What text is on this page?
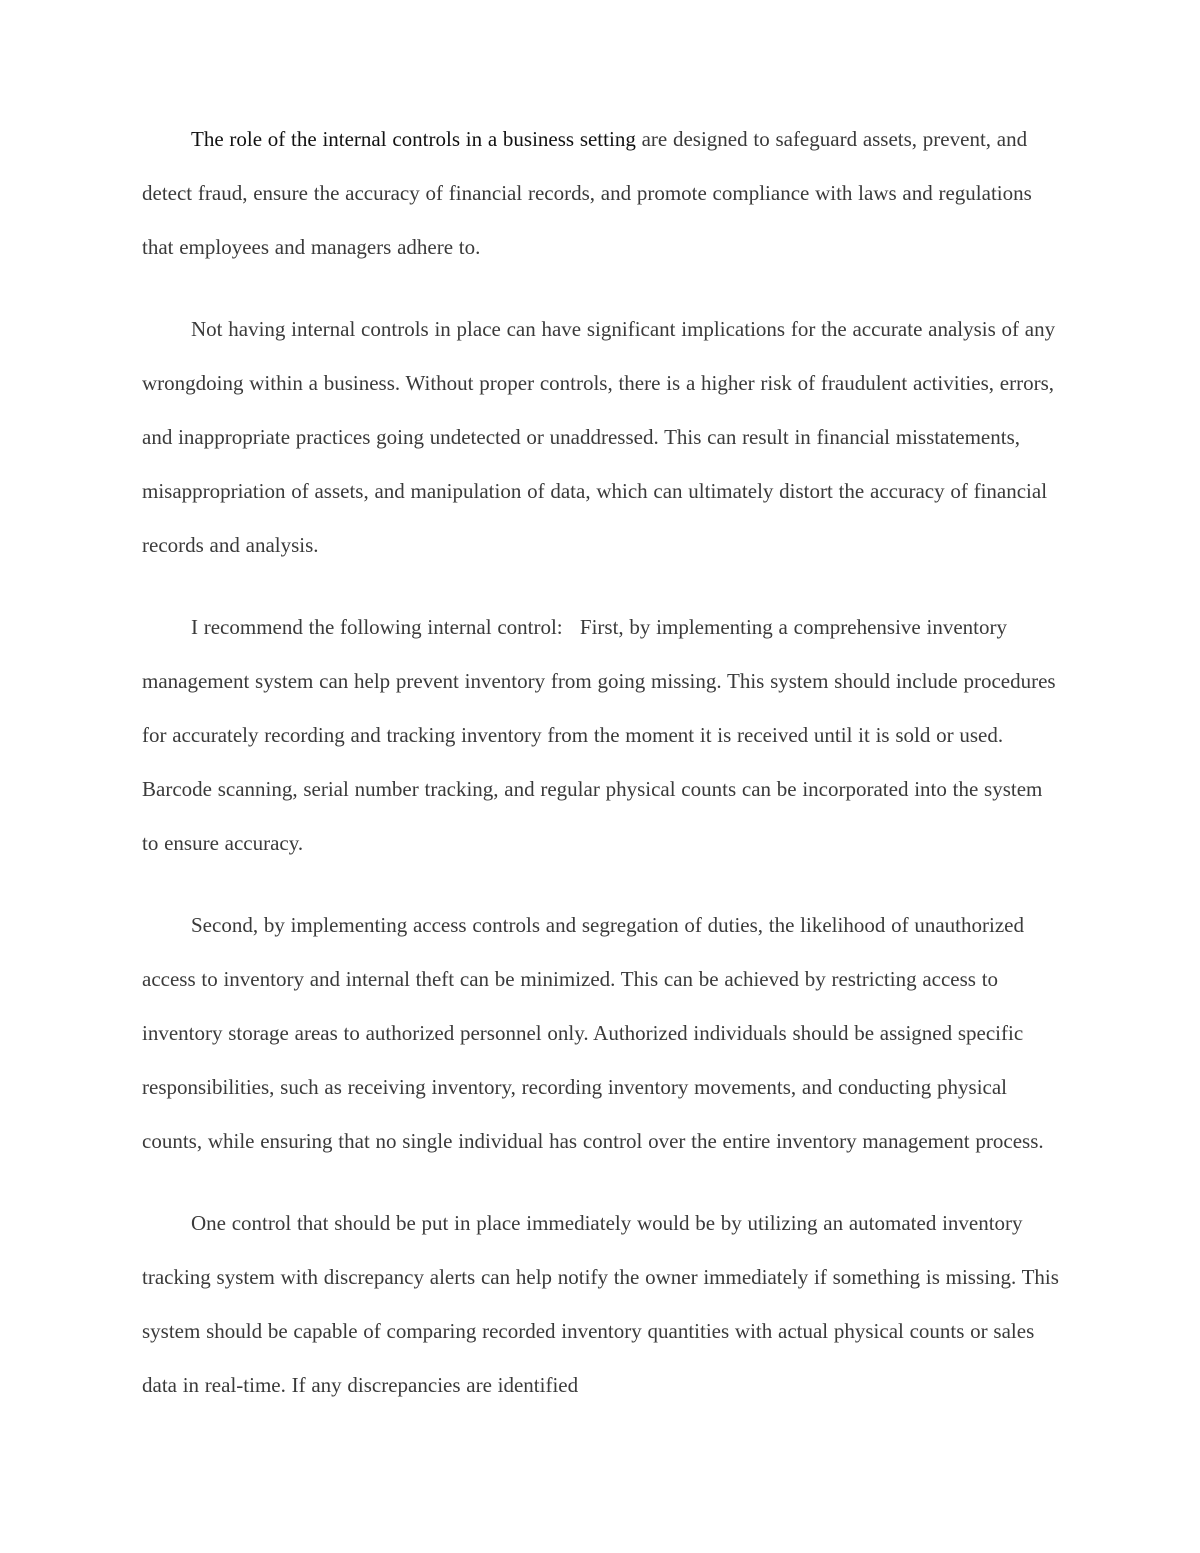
The role of the internal controls in a business setting are designed to safeguard assets, prevent, and detect fraud, ensure the accuracy of financial records, and promote compliance with laws and regulations that employees and managers adhere to.

Not having internal controls in place can have significant implications for the accurate analysis of any wrongdoing within a business. Without proper controls, there is a higher risk of fraudulent activities, errors, and inappropriate practices going undetected or unaddressed. This can result in financial misstatements, misappropriation of assets, and manipulation of data, which can ultimately distort the accuracy of financial records and analysis.

I recommend the following internal control:   First, by implementing a comprehensive inventory management system can help prevent inventory from going missing. This system should include procedures for accurately recording and tracking inventory from the moment it is received until it is sold or used. Barcode scanning, serial number tracking, and regular physical counts can be incorporated into the system to ensure accuracy.

Second, by implementing access controls and segregation of duties, the likelihood of unauthorized access to inventory and internal theft can be minimized. This can be achieved by restricting access to inventory storage areas to authorized personnel only. Authorized individuals should be assigned specific responsibilities, such as receiving inventory, recording inventory movements, and conducting physical counts, while ensuring that no single individual has control over the entire inventory management process.

One control that should be put in place immediately would be by utilizing an automated inventory tracking system with discrepancy alerts can help notify the owner immediately if something is missing. This system should be capable of comparing recorded inventory quantities with actual physical counts or sales data in real-time. If any discrepancies are identified
